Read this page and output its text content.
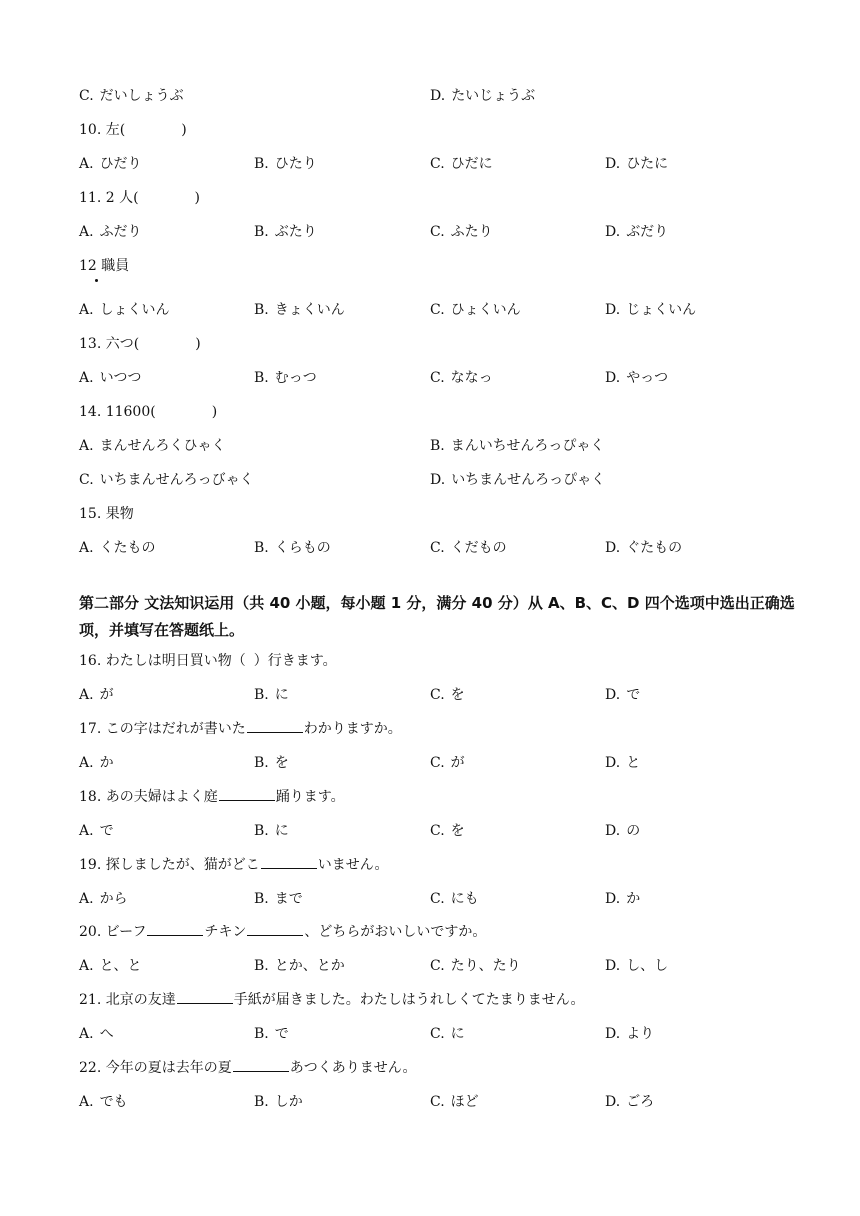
C. だいしょうぶ	D. たいじょうぶ
10. 左(	)
A. ひだり	B. ひたり	C. ひだに	D. ひたに
11. 2 人(	)
A. ふだり	B. ぶたり	C. ふたり	D. ぶだり
12 職員
A. しょくいん	B. きょくいん	C. ひょくいん	D. じょくいん
13. 六つ(	)
A. いつつ	B. むっつ	C. ななっ	D. やっつ
14. 11600(	)
A. まんせんろくひゃく	B. まんいちせんろっぴゃく
C. いちまんせんろっびゃく	D. いちまんせんろっぴゃく
15. 果物
A. くたもの	B. くらもの	C. くだもの	D. ぐたもの
第二部分 文法知识运用（共 40 小题，每小题 1 分，满分 40 分）从 A、B、C、D 四个选项中选出正确选项，并填写在答题纸上。
16. わたしは明日買い物（ ）行きます。
A. が	B. に	C. を	D. で
17. この字はだれが書いた	わかりますか。
A. か	B. を	C. が	D. と
18. あの夫婦はよく庭	踊ります。
A. で	B. に	C. を	D. の
19. 探しましたが、猫がどこ	いません。
A. から	B. まで	C. にも	D. か
20. ビーフ	チキン	、どちらがおいしいですか。
A. と、と	B. とか、とか	C. たり、たり	D. し、し
21. 北京の友達	手紙が届きました。わたしはうれしくてたまりません。
A. へ	B. で	C. に	D. より
22. 今年の夏は去年の夏	あつくありません。
A. でも	B. しか	C. ほど	D. ごろ
